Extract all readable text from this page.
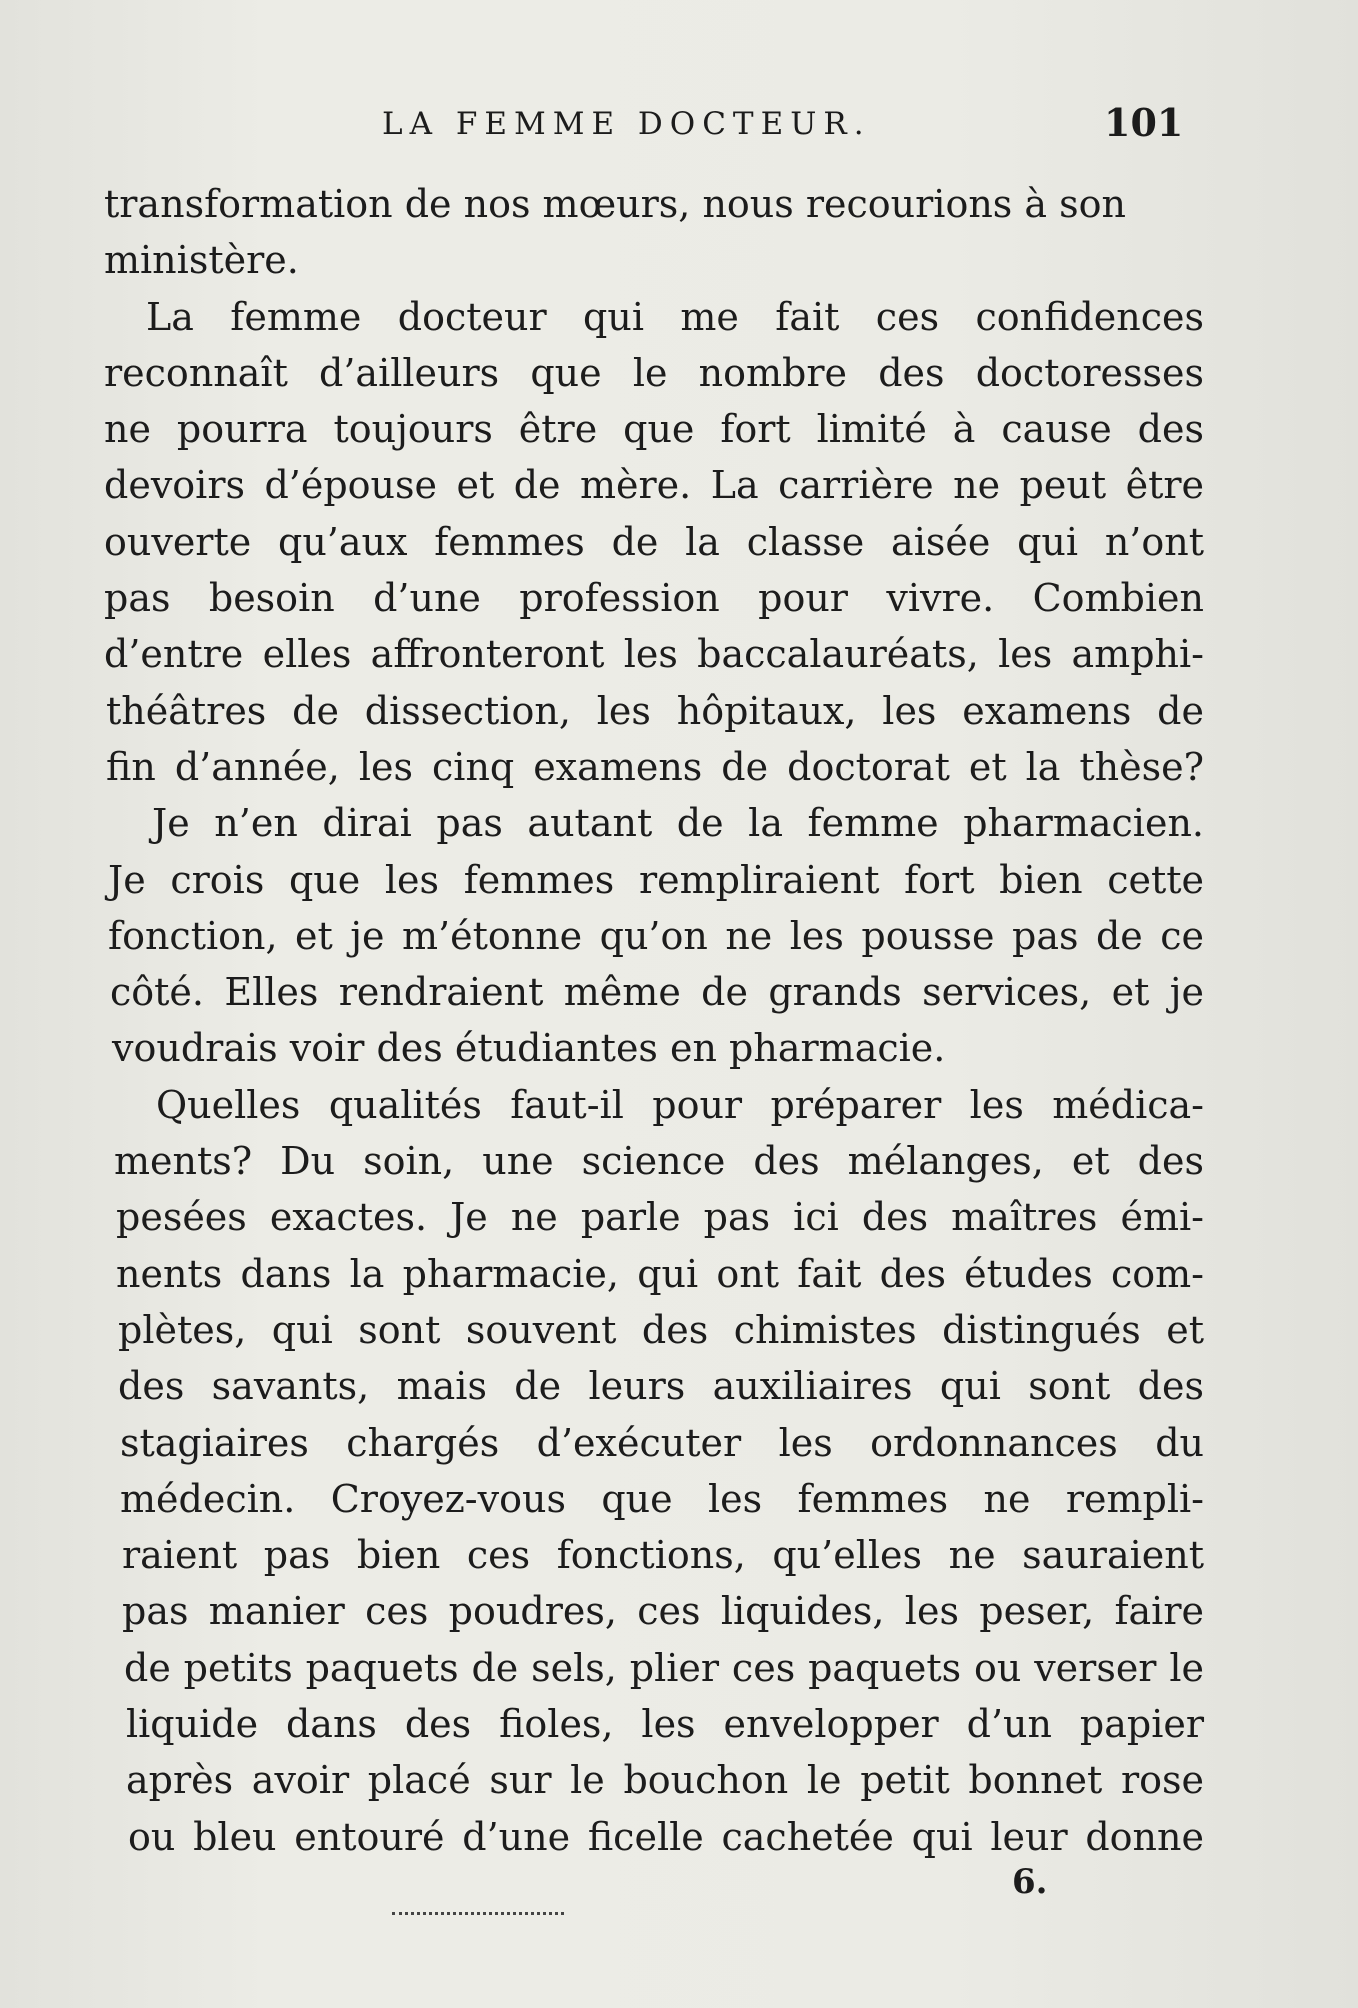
LA FEMME DOCTEUR.	101
transformation de nos mœurs, nous recourions à son
ministère.
La femme docteur qui me fait ces confidences
reconnaît d’ailleurs que le nombre des doctoresses
ne pourra toujours être que fort limité à cause des
devoirs d’épouse et de mère. La carrière ne peut être
ouverte qu’aux femmes de la classe aisée qui n’ont
pas besoin d’une profession pour vivre. Combien
d’entre elles affronteront les baccalauréats, les amphi-
théâtres de dissection, les hôpitaux, les examens de
fin d’année, les cinq examens de doctorat et la thèse?
Je n’en dirai pas autant de la femme pharmacien.
Je crois que les femmes rempliraient fort bien cette
fonction, et je m’étonne qu’on ne les pousse pas de ce
côté. Elles rendraient même de grands services, et je
voudrais voir des étudiantes en pharmacie.
Quelles qualités faut-il pour préparer les médica-
ments? Du soin, une science des mélanges, et des
pesées exactes. Je ne parle pas ici des maîtres émi-
nents dans la pharmacie, qui ont fait des études com-
plètes, qui sont souvent des chimistes distingués et
des savants, mais de leurs auxiliaires qui sont des
stagiaires chargés d’exécuter les ordonnances du
médecin. Croyez-vous que les femmes ne rempli-
raient pas bien ces fonctions, qu’elles ne sauraient
pas manier ces poudres, ces liquides, les peser, faire
de petits paquets de sels, plier ces paquets ou verser le
liquide dans des fioles, les envelopper d’un papier
après avoir placé sur le bouchon le petit bonnet rose
ou bleu entouré d’une ficelle cachetée qui leur donne
6.
